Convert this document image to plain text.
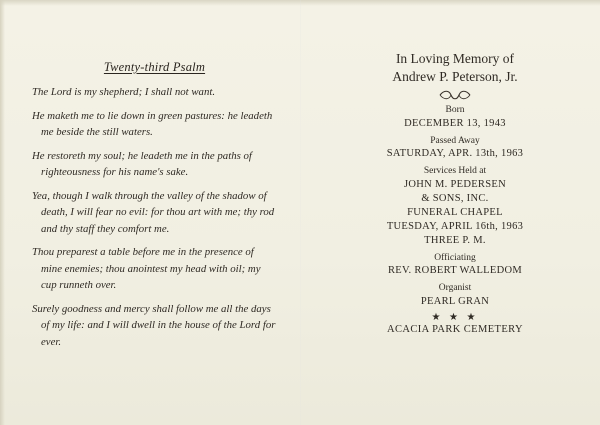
Twenty-third Psalm

The Lord is my shepherd; I shall not want.

He maketh me to lie down in green pastures: he leadeth me beside the still waters.

He restoreth my soul; he leadeth me in the paths of righteousness for his name's sake.

Yea, though I walk through the valley of the shadow of death, I will fear no evil: for thou art with me; thy rod and thy staff they comfort me.

Thou preparest a table before me in the presence of mine enemies; thou anointest my head with oil; my cup runneth over.

Surely goodness and mercy shall follow me all the days of my life: and I will dwell in the house of the Lord for ever.

In Loving Memory of

Andrew P. Peterson, Jr.

Born

DECEMBER 13, 1943

Passed Away

SATURDAY, APR. 13th, 1963

Services Held at

JOHN M. PEDERSEN

& SONS, INC.

FUNERAL CHAPEL

TUESDAY, APRIL 16th, 1963

THREE P. M.

Officiating

REV. ROBERT WALLEDOM

Organist

PEARL GRAN

★ ★ ★

ACACIA PARK CEMETERY
